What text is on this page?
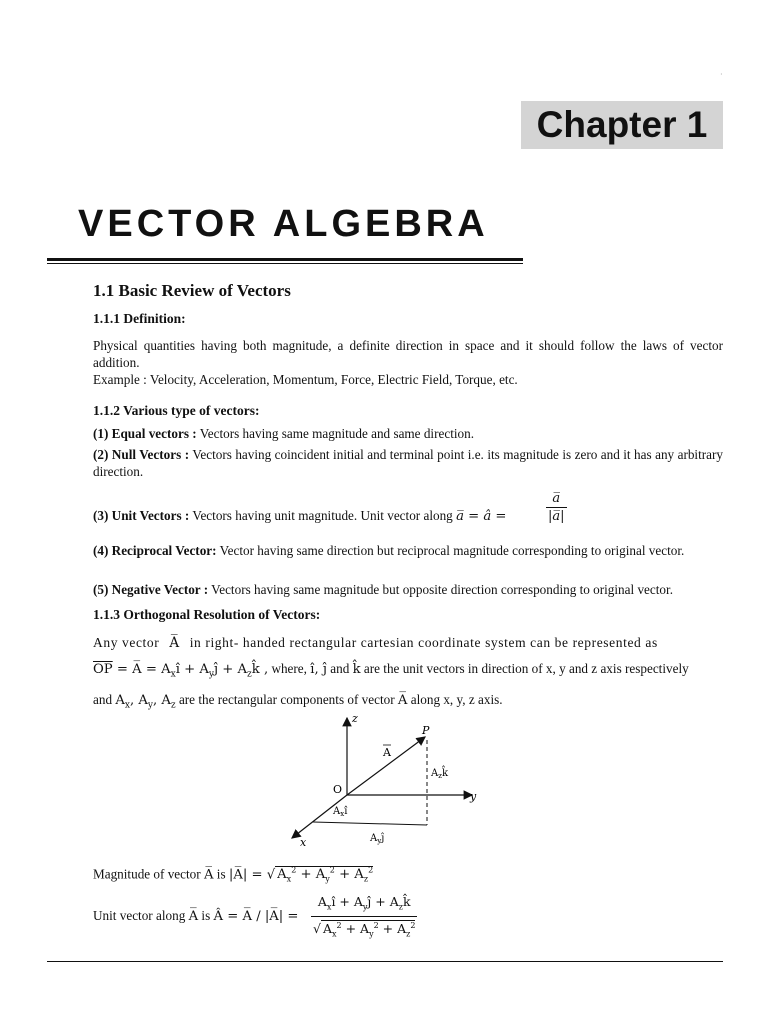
·
Chapter 1
VECTOR ALGEBRA
1.1 Basic Review of Vectors
1.1.1 Definition:
Physical quantities having both magnitude, a definite direction in space and it should follow the laws of vector addition.
Example : Velocity, Acceleration, Momentum, Force, Electric Field, Torque, etc.
1.1.2 Various type of vectors:
(1) Equal vectors : Vectors having same magnitude and same direction.
(2) Null Vectors : Vectors having coincident initial and terminal point i.e. its magnitude is zero and it has any arbitrary direction.
(3) Unit Vectors : Vectors having unit magnitude. Unit vector along a̅ = â =	$\frac{a̅}{|a̅|}$
(4) Reciprocal Vector: Vector having same direction but reciprocal magnitude corresponding to original vector.
(5) Negative Vector : Vectors having same magnitude but opposite direction corresponding to original vector.
1.1.3 Orthogonal Resolution of Vectors:
Any vector A̅ in right- handed rectangular cartesian coordinate system can be represented as
$\overline{OP}$ = A̅ = $A_xî$ + $A_yĵ$ + $A_zk̂$ , where, î, ĵ and k̂ are the unit vectors in direction of x, y and z axis respectively
and $A_x$, $A_y$, $A_z$ are the rectangular components of vector A̅ along x, y, z axis.
z
y
x
O
P
A
$A_zk̂$
$A_xî$
$A_yĵ$
Magnitude of vector A̅ is |A̅| = √ $A_x^2 + A_y^2 + A_z^2$
Unit vector along A̅ is Â = A̅ / |A̅| =
$A_xî$ + $A_yĵ$ + $A_zk̂$
√ $A_x^2 + A_y^2 + A_z^2$
